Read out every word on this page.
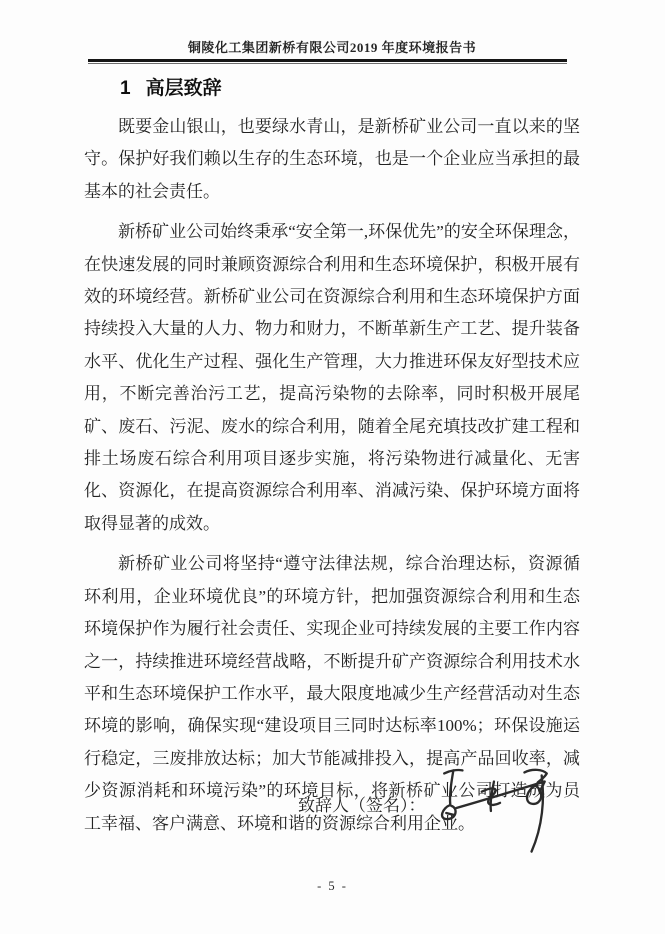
铜陵化工集团新桥有限公司2019 年度环境报告书
1 高层致辞

既要金山银山，也要绿水青山，是新桥矿业公司一直以来的坚守。保护好我们赖以生存的生态环境，也是一个企业应当承担的最基本的社会责任。

新桥矿业公司始终秉承“安全第一,环保优先”的安全环保理念，在快速发展的同时兼顾资源综合利用和生态环境保护，积极开展有效的环境经营。新桥矿业公司在资源综合利用和生态环境保护方面持续投入大量的人力、物力和财力，不断革新生产工艺、提升装备水平、优化生产过程、强化生产管理，大力推进环保友好型技术应用，不断完善治污工艺，提高污染物的去除率，同时积极开展尾矿、废石、污泥、废水的综合利用，随着全尾充填技改扩建工程和排土场废石综合利用项目逐步实施，将污染物进行减量化、无害化、资源化，在提高资源综合利用率、消减污染、保护环境方面将取得显著的成效。

新桥矿业公司将坚持“遵守法律法规，综合治理达标，资源循环利用，企业环境优良”的环境方针，把加强资源综合利用和生态环境保护作为履行社会责任、实现企业可持续发展的主要工作内容之一，持续推进环境经营战略，不断提升矿产资源综合利用技术水平和生态环境保护工作水平，最大限度地减少生产经营活动对生态环境的影响，确保实现“建设项目三同时达标率100%；环保设施运行稳定，三废排放达标；加大节能减排投入，提高产品回收率，减少资源消耗和环境污染”的环境目标，将新桥矿业公司打造成为员工幸福、客户满意、环境和谐的资源综合利用企业。

致辞人（签名）：
- 5 -
